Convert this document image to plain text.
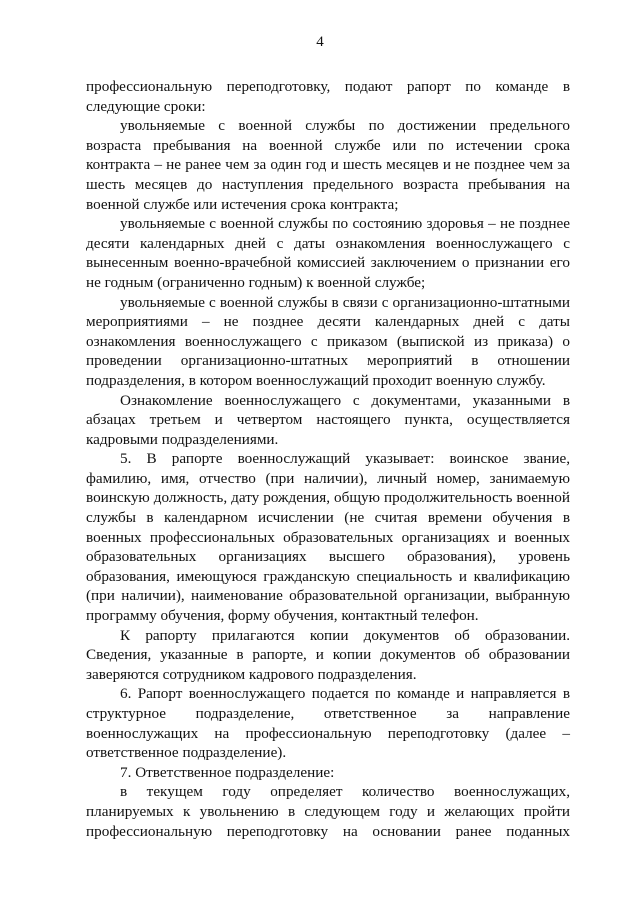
4

профессиональную переподготовку, подают рапорт по команде в следующие сроки:

увольняемые с военной службы по достижении предельного возраста пребывания на военной службе или по истечении срока контракта – не ранее чем за один год и шесть месяцев и не позднее чем за шесть месяцев до наступления предельного возраста пребывания на военной службе или истечения срока контракта;

увольняемые с военной службы по состоянию здоровья – не позднее десяти календарных дней с даты ознакомления военнослужащего с вынесенным военно-врачебной комиссией заключением о признании его не годным (ограниченно годным) к военной службе;

увольняемые с военной службы в связи с организационно-штатными мероприятиями – не позднее десяти календарных дней с даты ознакомления военнослужащего с приказом (выпиской из приказа) о проведении организационно-штатных мероприятий в отношении подразделения, в котором военнослужащий проходит военную службу.

Ознакомление военнослужащего с документами, указанными в абзацах третьем и четвертом настоящего пункта, осуществляется кадровыми подразделениями.

5. В рапорте военнослужащий указывает: воинское звание, фамилию, имя, отчество (при наличии), личный номер, занимаемую воинскую должность, дату рождения, общую продолжительность военной службы в календарном исчислении (не считая времени обучения в военных профессиональных образовательных организациях и военных образовательных организациях высшего образования), уровень образования, имеющуюся гражданскую специальность и квалификацию (при наличии), наименование образовательной организации, выбранную программу обучения, форму обучения, контактный телефон.

К рапорту прилагаются копии документов об образовании. Сведения, указанные в рапорте, и копии документов об образовании заверяются сотрудником кадрового подразделения.

6. Рапорт военнослужащего подается по команде и направляется в структурное подразделение, ответственное за направление военнослужащих на профессиональную переподготовку (далее – ответственное подразделение).

7. Ответственное подразделение:

в текущем году определяет количество военнослужащих, планируемых к увольнению в следующем году и желающих пройти профессиональную переподготовку на основании ранее поданных
